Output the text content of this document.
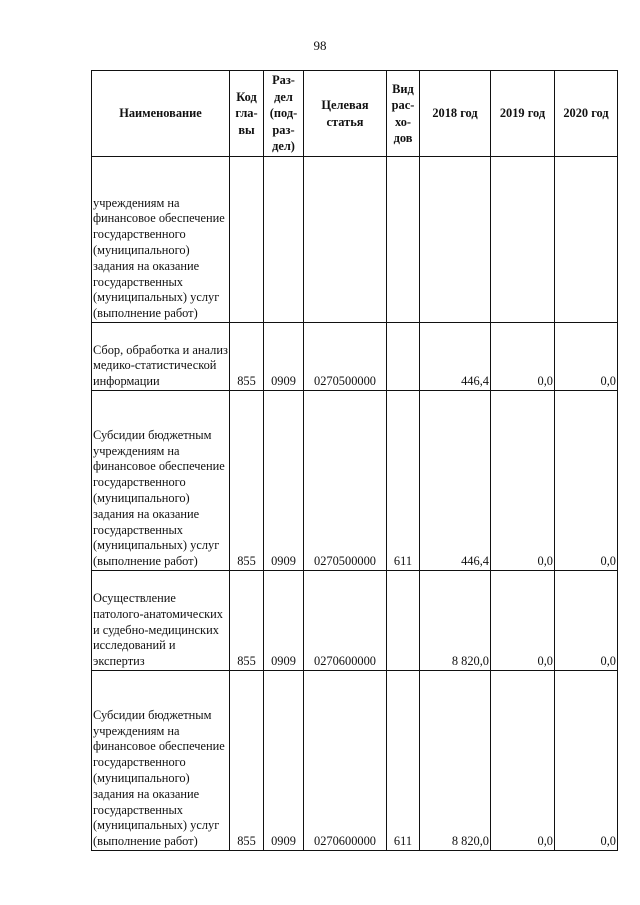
98
Наименование	Код гла- вы	Раз- дел (под- раз- дел)	Целевая статья	Вид рас- хо- дов	2018 год	2019 год	2020 год
учреждениям на финансовое обеспечение государственного (муниципального) задания на оказание государственных (муниципальных) услуг (выполнение работ)							
Сбор, обработка и анализ медико-статистической информации	855	0909	0270500000		446,4	0,0	0,0
Субсидии бюджетным учреждениям на финансовое обеспечение государственного (муниципального) задания на оказание государственных (муниципальных) услуг (выполнение работ)	855	0909	0270500000	611	446,4	0,0	0,0
Осуществление патолого-анатомических и судебно-медицинских исследований и экспертиз	855	0909	0270600000		8 820,0	0,0	0,0
Субсидии бюджетным учреждениям на финансовое обеспечение государственного (муниципального) задания на оказание государственных (муниципальных) услуг (выполнение работ)	855	0909	0270600000	611	8 820,0	0,0	0,0
